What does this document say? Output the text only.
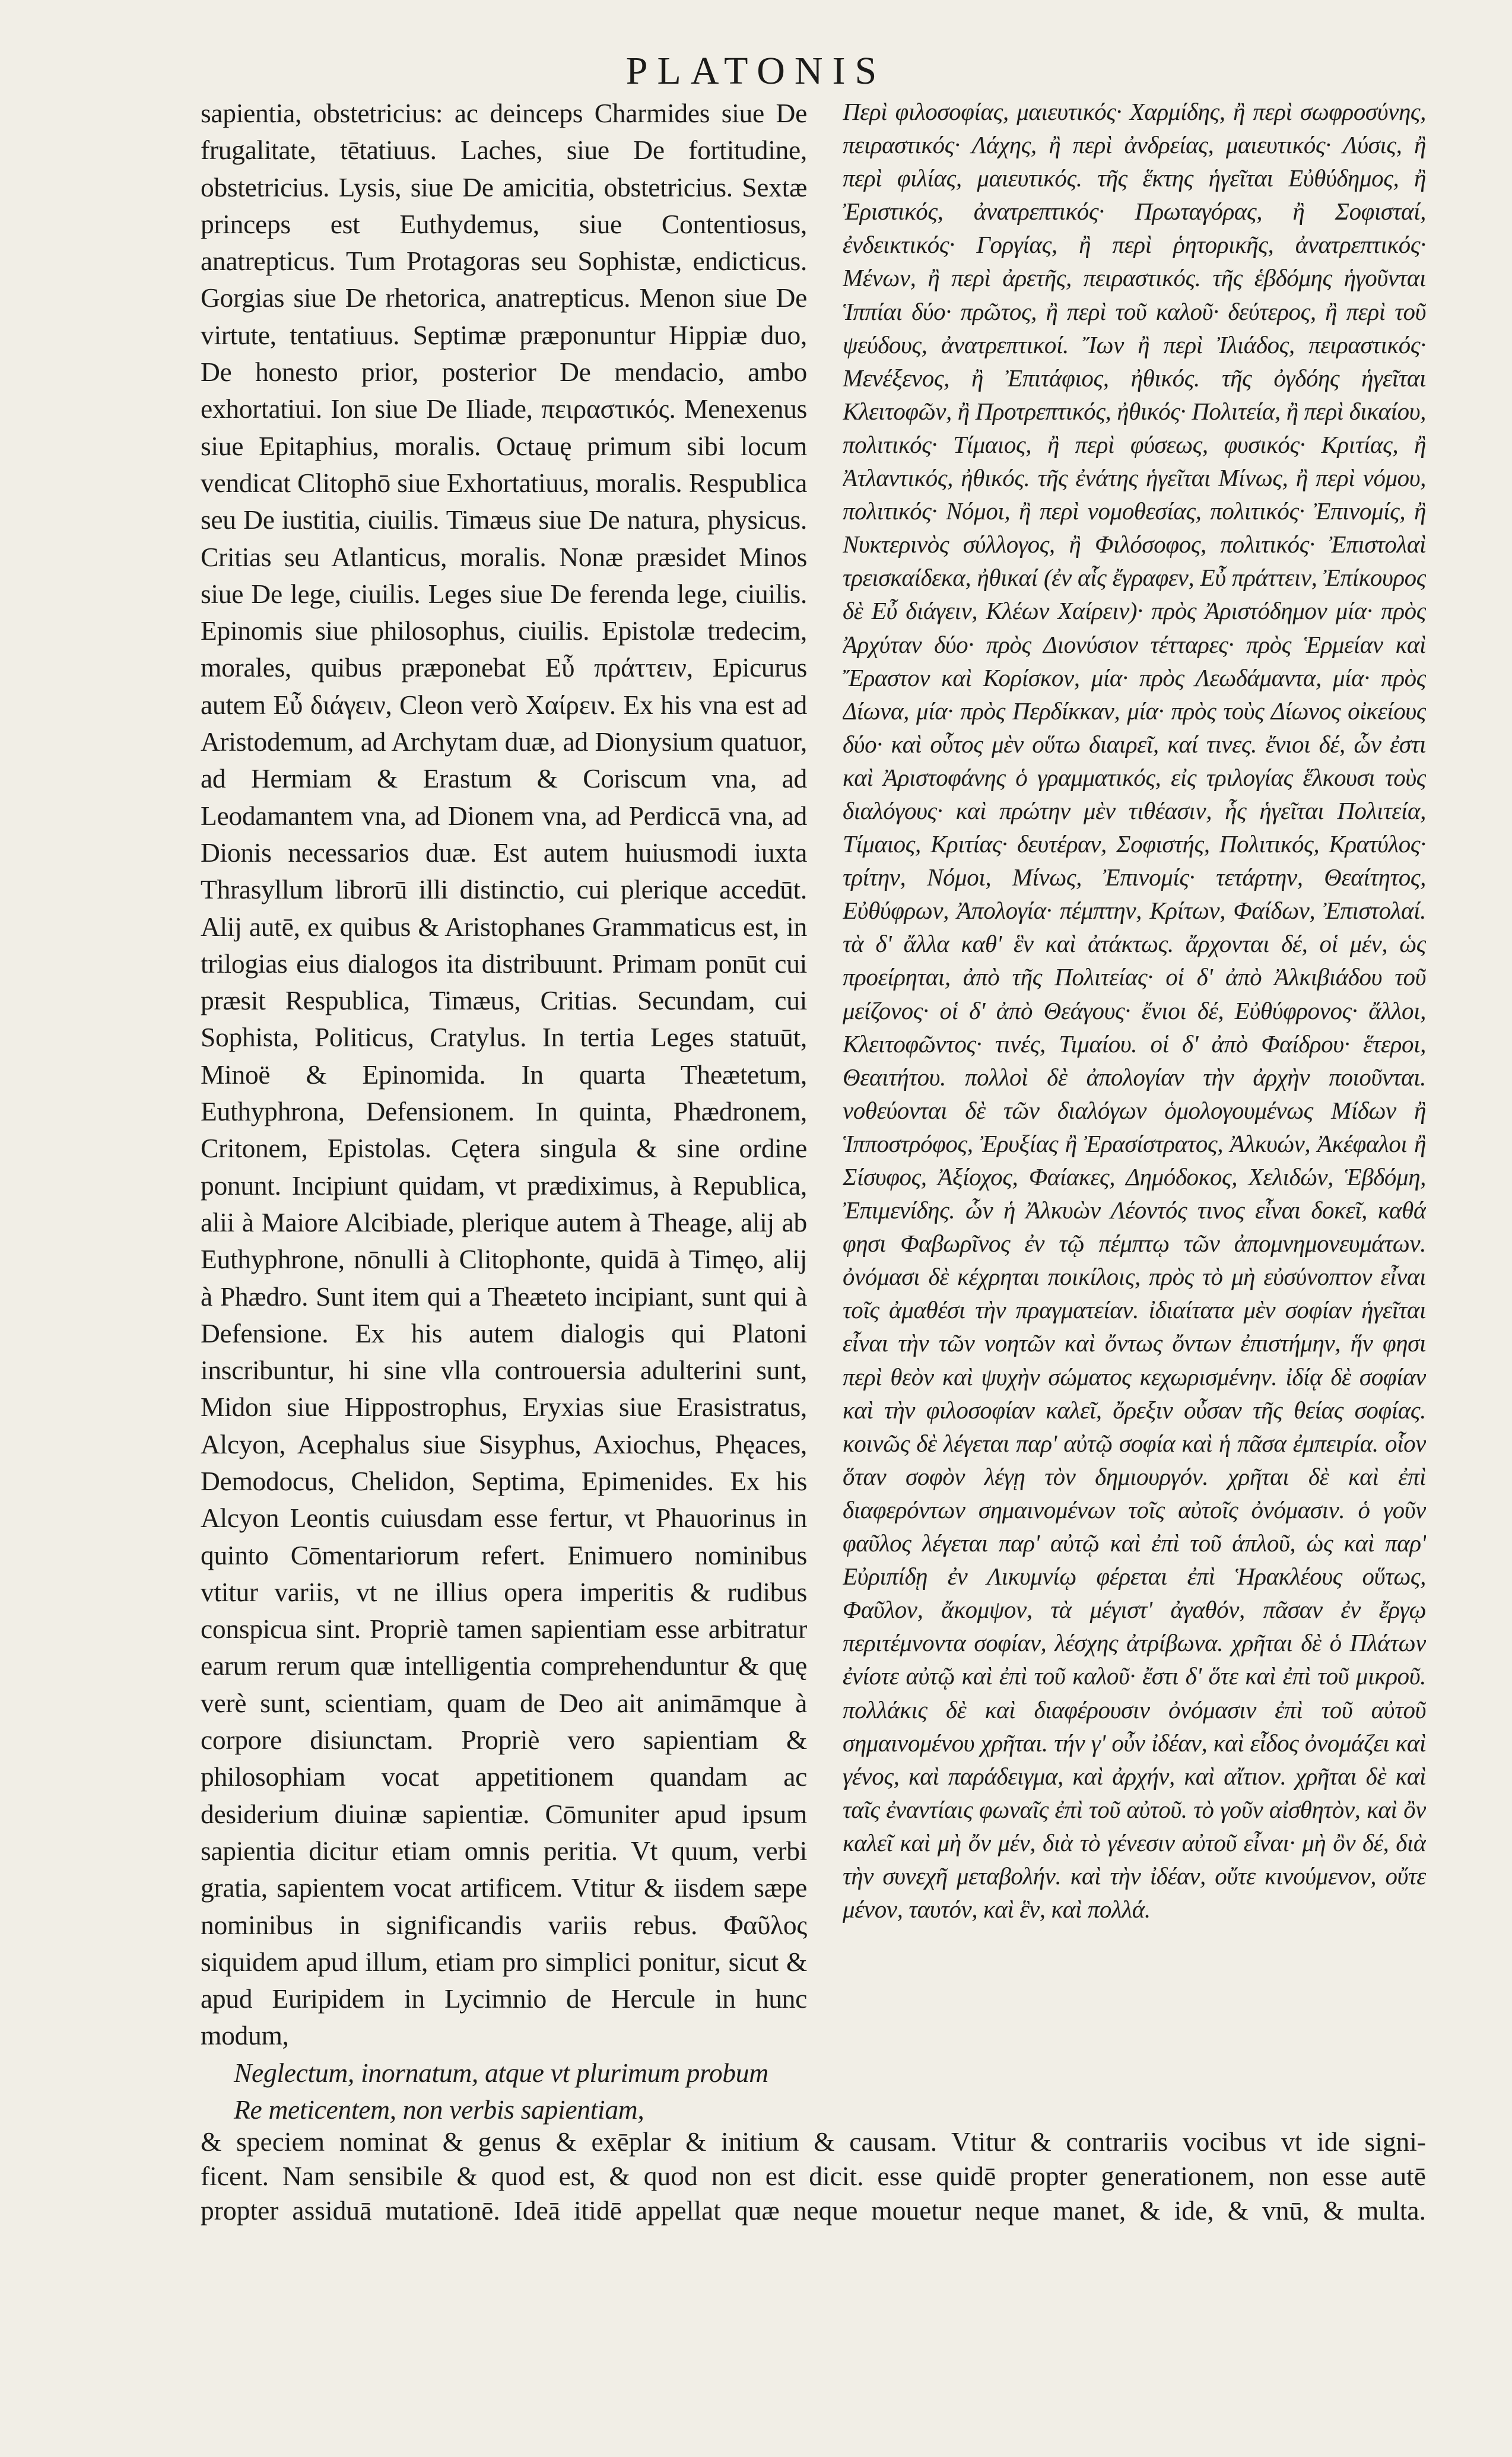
PLATONIS
sapientia, obstetricius: ac deinceps Charmides siue De frugalitate, tētatiuus. Laches, siue De fortitudine, obstetricius. Lysis, siue De amicitia, obstetricius. Sextæ princeps est Euthydemus, siue Contentiosus, anatrepticus. Tum Protagoras seu Sophistæ, endicticus. Gorgias siue De rhetorica, anatrepticus. Menon siue De virtute, tentatiuus. Septimæ præponuntur Hippiæ duo, De honesto prior, posterior De mendacio, ambo exhortatiui. Ion siue De Iliade, πειραστικός. Menexenus siue Epitaphius, moralis. Octauę primum sibi locum vendicat Clitophō siue Exhortatiuus, moralis. Respublica seu De iustitia, ciuilis. Timæus siue De natura, physicus. Critias seu Atlanticus, moralis. Nonæ præsidet Minos siue De lege, ciuilis. Leges siue De ferenda lege, ciuilis. Epinomis siue philosophus, ciuilis. Epistolæ tredecim, morales, quibus præponebat Εὖ πράττειν, Epicurus autem Εὖ διάγειν, Cleon verò Χαίρειν. Ex his vna est ad Aristodemum, ad Archytam duæ, ad Dionysium quatuor, ad Hermiam & Erastum & Coriscum vna, ad Leodamantem vna, ad Dionem vna, ad Perdiccā vna, ad Dionis necessarios duæ. Est autem huiusmodi iuxta Thrasyllum librorū illi distinctio, cui plerique accedūt. Alij autē, ex quibus & Aristophanes Grammaticus est, in trilogias eius dialogos ita distribuunt. Primam ponūt cui præsit Respublica, Timæus, Critias. Secundam, cui Sophista, Politicus, Cratylus. In tertia Leges statuūt, Minoë & Epinomida. In quarta Theætetum, Euthyphrona, Defensionem. In quinta, Phædronem, Critonem, Epistolas. Cętera singula & sine ordine ponunt. Incipiunt quidam, vt prædiximus, à Republica, alii à Maiore Alcibiade, plerique autem à Theage, alij ab Euthyphrone, nōnulli à Clitophonte, quidā à Timęo, alij à Phædro. Sunt item qui a Theæteto incipiant, sunt qui à Defensione. Ex his autem dialogis qui Platoni inscribuntur, hi sine vlla controuersia adulterini sunt, Midon siue Hippostrophus, Eryxias siue Erasistratus, Alcyon, Acephalus siue Sisyphus, Axiochus, Phęaces, Demodocus, Chelidon, Septima, Epimenides. Ex his Alcyon Leontis cuiusdam esse fertur, vt Phauorinus in quinto Cōmentariorum refert. Enimuero nominibus vtitur variis, vt ne illius opera imperitis & rudibus conspicua sint. Propriè tamen sapientiam esse arbitratur earum rerum quæ intelligentia comprehenduntur & quę verè sunt, scientiam, quam de Deo ait animāmque à corpore disiunctam. Propriè vero sapientiam & philosophiam vocat appetitionem quandam ac desiderium diuinæ sapientiæ. Cōmuniter apud ipsum sapientia dicitur etiam omnis peritia. Vt quum, verbi gratia, sapientem vocat artificem. Vtitur & iisdem sæpe nominibus in significandis variis rebus. Φαῦλος siquidem apud illum, etiam pro simplici ponitur, sicut & apud Euripidem in Lycimnio de Hercule in hunc modum,
Neglectum, inornatum, atque vt plurimum probum
Re meticentem, non verbis sapientiam,
Περὶ φιλοσοφίας, μαιευτικός· Χαρμίδης, ἢ περὶ σωφροσύνης, πειραστικός· Λάχης, ἢ περὶ ἀνδρείας, μαιευτικός· Λύσις, ἢ περὶ φιλίας, μαιευτικός. τῆς ἕκτης ἡγεῖται Εὐθύδημος, ἢ Ἐριστικός, ἀνατρεπτικός· Πρωταγόρας, ἢ Σοφισταί, ἐνδεικτικός· Γοργίας, ἢ περὶ ῥητορικῆς, ἀνατρεπτικός· Μένων, ἢ περὶ ἀρετῆς, πειραστικός. τῆς ἑβδόμης ἡγοῦνται Ἱππίαι δύο· πρῶτος, ἢ περὶ τοῦ καλοῦ· δεύτερος, ἢ περὶ τοῦ ψεύδους, ἀνατρεπτικοί. Ἴων ἢ περὶ Ἰλιάδος, πειραστικός· Μενέξενος, ἢ Ἐπιτάφιος, ἠθικός. τῆς ὀγδόης ἡγεῖται Κλειτοφῶν, ἢ Προτρεπτικός, ἠθικός· Πολιτεία, ἢ περὶ δικαίου, πολιτικός· Τίμαιος, ἢ περὶ φύσεως, φυσικός· Κριτίας, ἢ Ἀτλαντικός, ἠθικός. τῆς ἐνάτης ἡγεῖται Μίνως, ἢ περὶ νόμου, πολιτικός· Νόμοι, ἢ περὶ νομοθεσίας, πολιτικός· Ἐπινομίς, ἢ Νυκτερινὸς σύλλογος, ἢ Φιλόσοφος, πολιτικός· Ἐπιστολαὶ τρεισκαίδεκα, ἠθικαί (ἐν αἷς ἔγραφεν, Εὖ πράττειν, Ἐπίκουρος δὲ Εὖ διάγειν, Κλέων Χαίρειν)· πρὸς Ἀριστόδημον μία· πρὸς Ἀρχύταν δύο· πρὸς Διονύσιον τέτταρες· πρὸς Ἑρμείαν καὶ Ἔραστον καὶ Κορίσκον, μία· πρὸς Λεωδάμαντα, μία· πρὸς Δίωνα, μία· πρὸς Περδίκκαν, μία· πρὸς τοὺς Δίωνος οἰκείους δύο· καὶ οὗτος μὲν οὕτω διαιρεῖ, καί τινες. ἔνιοι δέ, ὧν ἐστι καὶ Ἀριστοφάνης ὁ γραμματικός, εἰς τριλογίας ἕλκουσι τοὺς διαλόγους· καὶ πρώτην μὲν τιθέασιν, ἧς ἡγεῖται Πολιτεία, Τίμαιος, Κριτίας· δευτέραν, Σοφιστής, Πολιτικός, Κρατύλος· τρίτην, Νόμοι, Μίνως, Ἐπινομίς· τετάρτην, Θεαίτητος, Εὐθύφρων, Ἀπολογία· πέμπτην, Κρίτων, Φαίδων, Ἐπιστολαί. τὰ δ' ἄλλα καθ' ἓν καὶ ἀτάκτως. ἄρχονται δέ, οἱ μέν, ὡς προείρηται, ἀπὸ τῆς Πολιτείας· οἱ δ' ἀπὸ Ἀλκιβιάδου τοῦ μείζονος· οἱ δ' ἀπὸ Θεάγους· ἔνιοι δέ, Εὐθύφρονος· ἄλλοι, Κλειτοφῶντος· τινές, Τιμαίου. οἱ δ' ἀπὸ Φαίδρου· ἕτεροι, Θεαιτήτου. πολλοὶ δὲ ἀπολογίαν τὴν ἀρχὴν ποιοῦνται. νοθεύονται δὲ τῶν διαλόγων ὁμολογουμένως Μίδων ἢ Ἱπποστρόφος, Ἐρυξίας ἢ Ἐρασίστρατος, Ἀλκυών, Ἀκέφαλοι ἢ Σίσυφος, Ἀξίοχος, Φαίακες, Δημόδοκος, Χελιδών, Ἑβδόμη, Ἐπιμενίδης. ὧν ἡ Ἀλκυὼν Λέοντός τινος εἶναι δοκεῖ, καθά φησι Φαβωρῖνος ἐν τῷ πέμπτῳ τῶν ἀπομνημονευμάτων. ὀνόμασι δὲ κέχρηται ποικίλοις, πρὸς τὸ μὴ εὐσύνοπτον εἶναι τοῖς ἀμαθέσι τὴν πραγματείαν. ἰδιαίτατα μὲν σοφίαν ἡγεῖται εἶναι τὴν τῶν νοητῶν καὶ ὄντως ὄντων ἐπιστήμην, ἥν φησι περὶ θεὸν καὶ ψυχὴν σώματος κεχωρισμένην. ἰδίᾳ δὲ σοφίαν καὶ τὴν φιλοσοφίαν καλεῖ, ὄρεξιν οὖσαν τῆς θείας σοφίας. κοινῶς δὲ λέγεται παρ' αὐτῷ σοφία καὶ ἡ πᾶσα ἐμπειρία. οἷον ὅταν σοφὸν λέγῃ τὸν δημιουργόν. χρῆται δὲ καὶ ἐπὶ διαφερόντων σημαινομένων τοῖς αὐτοῖς ὀνόμασιν. ὁ γοῦν φαῦλος λέγεται παρ' αὐτῷ καὶ ἐπὶ τοῦ ἁπλοῦ, ὡς καὶ παρ' Εὐριπίδῃ ἐν Λικυμνίῳ φέρεται ἐπὶ Ἡρακλέους οὕτως, Φαῦλον, ἄκομψον, τὰ μέγιστ' ἀγαθόν, πᾶσαν ἐν ἔργῳ περιτέμνοντα σοφίαν, λέσχης ἀτρίβωνα. χρῆται δὲ ὁ Πλάτων ἐνίοτε αὐτῷ καὶ ἐπὶ τοῦ καλοῦ· ἔστι δ' ὅτε καὶ ἐπὶ τοῦ μικροῦ. πολλάκις δὲ καὶ διαφέρουσιν ὀνόμασιν ἐπὶ τοῦ αὐτοῦ σημαινομένου χρῆται. τήν γ' οὖν ἰδέαν, καὶ εἶδος ὀνομάζει καὶ γένος, καὶ παράδειγμα, καὶ ἀρχήν, καὶ αἴτιον. χρῆται δὲ καὶ ταῖς ἐναντίαις φωναῖς ἐπὶ τοῦ αὐτοῦ. τὸ γοῦν αἰσθητὸν, καὶ ὂν καλεῖ καὶ μὴ ὄν μέν, διὰ τὸ γένεσιν αὐτοῦ εἶναι· μὴ ὂν δέ, διὰ τὴν συνεχῆ μεταβολήν. καὶ τὴν ἰδέαν, οὔτε κινούμενον, οὔτε μένον, ταυτόν, καὶ ἓν, καὶ πολλά.
& speciem nominat & genus & exēplar & initium & causam. Vtitur & contrariis vocibus vt ide signi-
ficent. Nam sensibile & quod est, & quod non est dicit. esse quidē propter generationem, non esse autē
propter assiduā mutationē. Ideā itidē appellat quæ neque mouetur neque manet, & ide, & vnū, & multa.
